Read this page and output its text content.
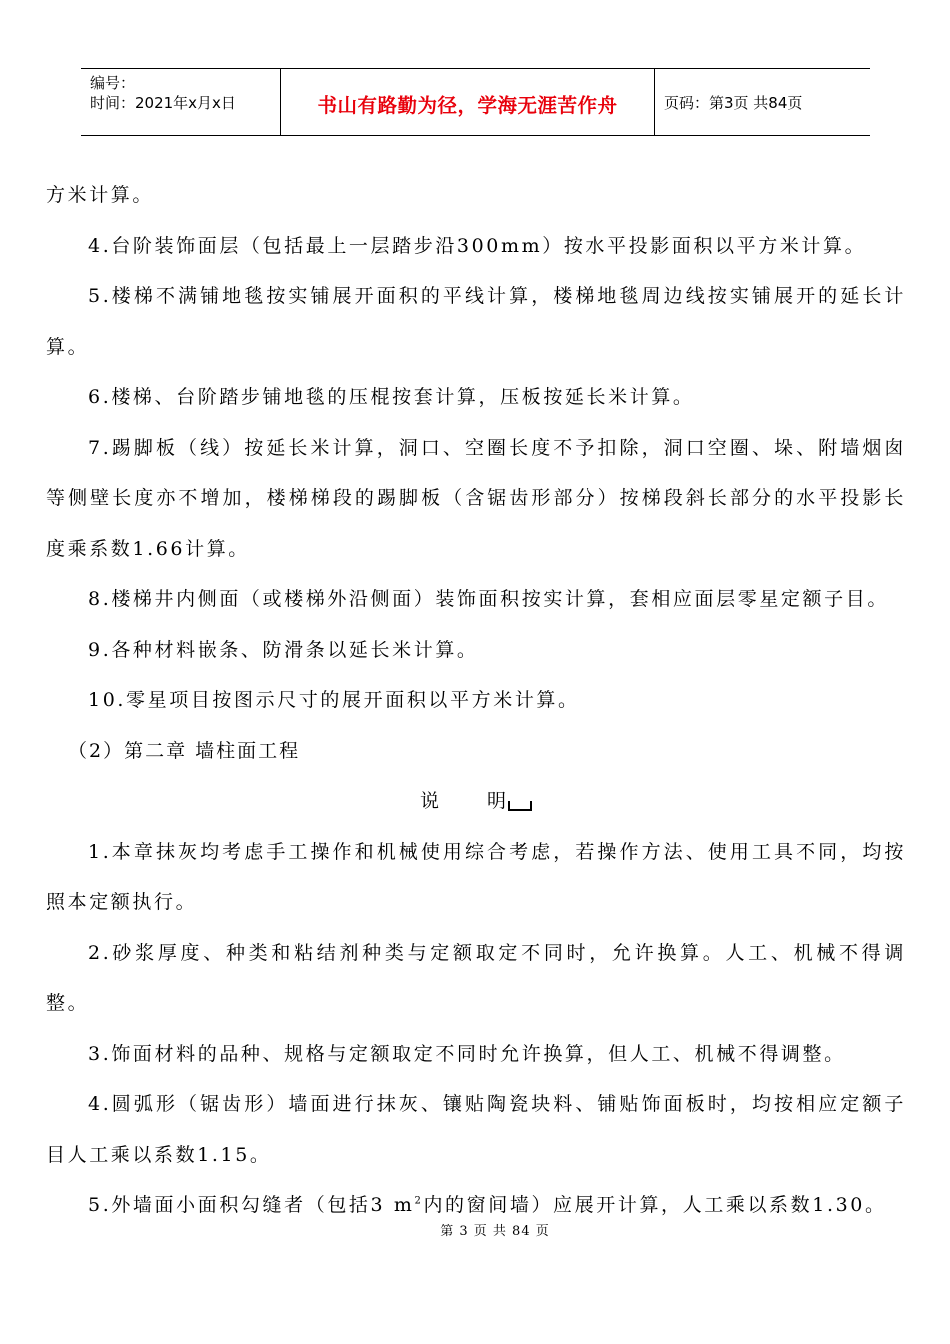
编号：
时间：2021年x月x日	书山有路勤为径，学海无涯苦作舟	页码：第3页 共84页

方米计算。

4.台阶装饰面层（包括最上一层踏步沿300mm）按水平投影面积以平方米计算。

5.楼梯不满铺地毯按实铺展开面积的平线计算，楼梯地毯周边线按实铺展开的延长计算。

6.楼梯、台阶踏步铺地毯的压棍按套计算，压板按延长米计算。

7.踢脚板（线）按延长米计算，洞口、空圈长度不予扣除，洞口空圈、垛、附墙烟囱等侧壁长度亦不增加，楼梯梯段的踢脚板（含锯齿形部分）按梯段斜长部分的水平投影长度乘系数1.66计算。

8.楼梯井内侧面（或楼梯外沿侧面）装饰面积按实计算，套相应面层零星定额子目。

9.各种材料嵌条、防滑条以延长米计算。

10.零星项目按图示尺寸的展开面积以平方米计算。

（2）第二章 墙柱面工程

说	明

1.本章抹灰均考虑手工操作和机械使用综合考虑，若操作方法、使用工具不同，均按照本定额执行。

2.砂浆厚度、种类和粘结剂种类与定额取定不同时，允许换算。人工、机械不得调整。

3.饰面材料的品种、规格与定额取定不同时允许换算，但人工、机械不得调整。

4.圆弧形（锯齿形）墙面进行抹灰、镶贴陶瓷块料、铺贴饰面板时，均按相应定额子目人工乘以系数1.15。

5.外墙面小面积勾缝者（包括3 $m^2$内的窗间墙）应展开计算，人工乘以系数1.30。

第 3 页 共 84 页
